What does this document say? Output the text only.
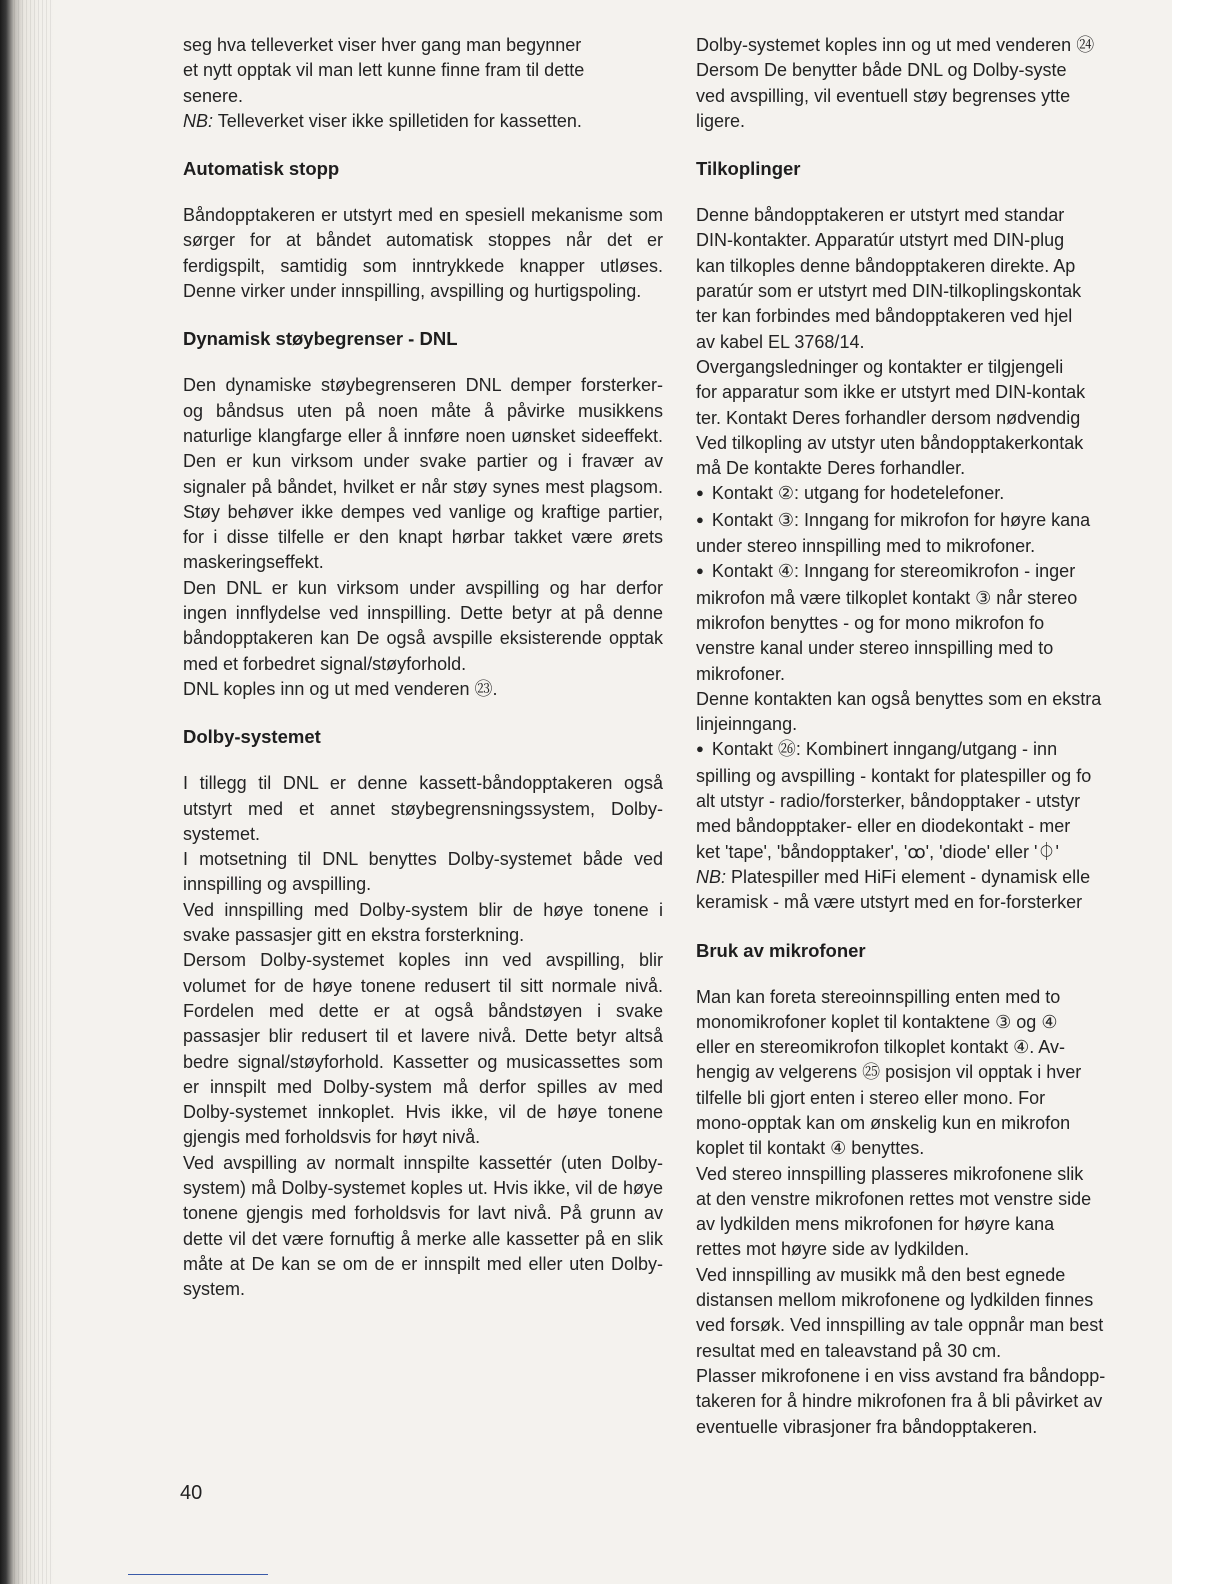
seg hva telleverket viser hver gang man begynner
et nytt opptak vil man lett kunne finne fram til dette
senere.

NB: Telleverket viser ikke spilletiden for kassetten.

Automatisk stopp

Båndopptakeren er utstyrt med en spesiell mekanisme som sørger for at båndet automatisk stoppes når det er ferdigspilt, samtidig som inntrykkede knapper utløses. Denne virker under innspilling, avspilling og hurtigspoling.

Dynamisk støybegrenser - DNL

Den dynamiske støybegrenseren DNL demper forsterker- og båndsus uten på noen måte å påvirke musikkens naturlige klangfarge eller å innføre noen uønsket sideeffekt. Den er kun virksom under svake partier og i fravær av signaler på båndet, hvilket er når støy synes mest plagsom. Støy behøver ikke dempes ved vanlige og kraftige partier, for i disse tilfelle er den knapt hørbar takket være ørets maskeringseffekt.

Den DNL er kun virksom under avspilling og har derfor ingen innflydelse ved innspilling. Dette betyr at på denne båndopptakeren kan De også avspille eksisterende opptak med et forbedret signal/støyforhold.

DNL koples inn og ut med venderen ㉓.

Dolby-systemet

I tillegg til DNL er denne kassett-båndopptakeren også utstyrt med et annet støybegrensningssystem, Dolby-systemet.

I motsetning til DNL benyttes Dolby-systemet både ved innspilling og avspilling.

Ved innspilling med Dolby-system blir de høye tonene i svake passasjer gitt en ekstra forsterkning.

Dersom Dolby-systemet koples inn ved avspilling, blir volumet for de høye tonene redusert til sitt normale nivå. Fordelen med dette er at også båndstøyen i svake passasjer blir redusert til et lavere nivå. Dette betyr altså bedre signal/støyforhold. Kassetter og musicassettes som er innspilt med Dolby-system må derfor spilles av med Dolby-systemet innkoplet. Hvis ikke, vil de høye tonene gjengis med forholdsvis for høyt nivå.

Ved avspilling av normalt innspilte kassettér (uten Dolby-system) må Dolby-systemet koples ut. Hvis ikke, vil de høye tonene gjengis med forholdsvis for lavt nivå. På grunn av dette vil det være fornuftig å merke alle kassetter på en slik måte at De kan se om de er innspilt med eller uten Dolby-system.

Dolby-systemet koples inn og ut med venderen ㉔
Dersom De benytter både DNL og Dolby-syste
ved avspilling, vil eventuell støy begrenses ytte
ligere.

Tilkoplinger

Denne båndopptakeren er utstyrt med standar
DIN-kontakter. Apparatúr utstyrt med DIN-plug
kan tilkoples denne båndopptakeren direkte. Ap
paratúr som er utstyrt med DIN-tilkoplingskontak
ter kan forbindes med båndopptakeren ved hjel
av kabel EL 3768/14.

Overgangsledninger og kontakter er tilgjengeli
for apparatur som ikke er utstyrt med DIN-kontak
ter. Kontakt Deres forhandler dersom nødvendig
Ved tilkopling av utstyr uten båndopptakerkontak
må De kontakte Deres forhandler.

● Kontakt ②: utgang for hodetelefoner.

● Kontakt ③: Inngang for mikrofon for høyre kana
under stereo innspilling med to mikrofoner.

● Kontakt ④: Inngang for stereomikrofon - inger
mikrofon må være tilkoplet kontakt ③ når stereo
mikrofon benyttes - og for mono mikrofon fo
venstre kanal under stereo innspilling med to
mikrofoner.

Denne kontakten kan også benyttes som en ekstra
linjeinngang.

● Kontakt ㉖: Kombinert inngang/utgang - inn
spilling og avspilling - kontakt for platespiller og fo
alt utstyr - radio/forsterker, båndopptaker - utstyr
med båndopptaker- eller en diodekontakt - mer
ket 'tape', 'båndopptaker', 'ꝏ', 'diode' eller '⏀'

NB: Platespiller med HiFi element - dynamisk elle
keramisk - må være utstyrt med en for-forsterker

Bruk av mikrofoner

Man kan foreta stereoinnspilling enten med to
monomikrofoner koplet til kontaktene ③ og ④
eller en stereomikrofon tilkoplet kontakt ④. Av-
hengig av velgerens ㉕ posisjon vil opptak i hver
tilfelle bli gjort enten i stereo eller mono. For
mono-opptak kan om ønskelig kun en mikrofon
koplet til kontakt ④ benyttes.

Ved stereo innspilling plasseres mikrofonene slik
at den venstre mikrofonen rettes mot venstre side
av lydkilden mens mikrofonen for høyre kana
rettes mot høyre side av lydkilden.

Ved innspilling av musikk må den best egnede
distansen mellom mikrofonene og lydkilden finnes
ved forsøk. Ved innspilling av tale oppnår man best
resultat med en taleavstand på 30 cm.

Plasser mikrofonene i en viss avstand fra båndopp-
takeren for å hindre mikrofonen fra å bli påvirket av
eventuelle vibrasjoner fra båndopptakeren.

40
